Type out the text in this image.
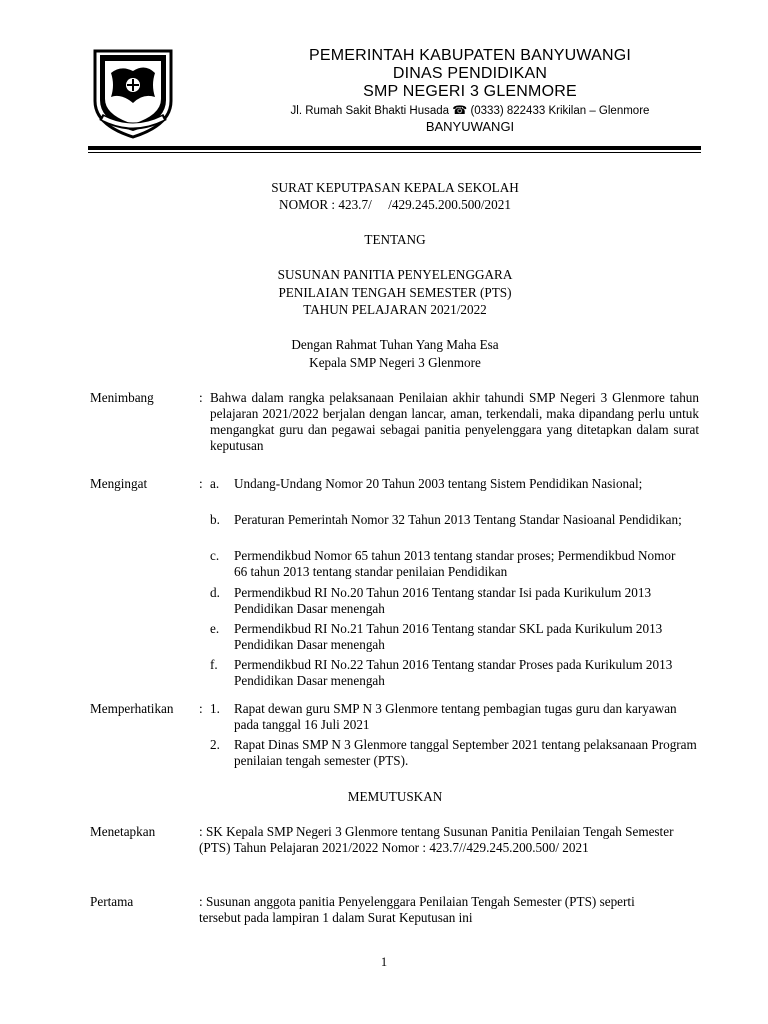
PEMERINTAH KABUPATEN BANYUWANGI
DINAS PENDIDIKAN
SMP NEGERI 3 GLENMORE
Jl. Rumah Sakit Bhakti Husada ☎ (0333) 822433 Krikilan – Glenmore
BANYUWANGI
SURAT KEPUTPASAN KEPALA SEKOLAH
NOMOR : 423.7/     /429.245.200.500/2021
TENTANG
SUSUNAN PANITIA PENYELENGGARA
PENILAIAN TENGAH SEMESTER (PTS)
TAHUN PELAJARAN 2021/2022
Dengan Rahmat Tuhan Yang Maha Esa
Kepala SMP Negeri 3 Glenmore
Menimbang	: Bahwa dalam rangka pelaksanaan Penilaian akhir tahundi SMP Negeri 3 Glenmore tahun pelajaran 2021/2022 berjalan dengan lancar, aman, terkendali, maka dipandang perlu untuk mengangkat guru dan pegawai sebagai panitia penyelenggara yang ditetapkan dalam surat keputusan
Mengingat	: a. Undang-Undang Nomor 20 Tahun 2003 tentang Sistem Pendidikan Nasional;
b. Peraturan Pemerintah Nomor 32 Tahun 2013 Tentang Standar Nasioanal Pendidikan;
c. Permendikbud Nomor 65 tahun 2013 tentang standar proses; Permendikbud Nomor 66 tahun 2013 tentang standar penilaian Pendidikan
d. Permendikbud RI No.20 Tahun 2016 Tentang standar Isi pada Kurikulum 2013 Pendidikan Dasar menengah
e. Permendikbud RI No.21 Tahun 2016 Tentang standar SKL pada Kurikulum 2013 Pendidikan Dasar menengah
f. Permendikbud RI No.22 Tahun 2016 Tentang standar Proses pada Kurikulum 2013 Pendidikan Dasar menengah
Memperhatikan : 1. Rapat dewan guru SMP N 3 Glenmore tentang pembagian tugas guru dan karyawan pada tanggal 16 Juli 2021
2. Rapat Dinas SMP N 3 Glenmore tanggal September 2021 tentang pelaksanaan Program penilaian tengah semester (PTS).
MEMUTUSKAN
Menetapkan	: SK Kepala SMP Negeri 3 Glenmore tentang Susunan Panitia Penilaian Tengah Semester (PTS) Tahun Pelajaran 2021/2022 Nomor : 423.7//429.245.200.500/ 2021
Pertama	: Susunan anggota panitia Penyelenggara Penilaian Tengah Semester (PTS) seperti tersebut pada lampiran 1 dalam Surat Keputusan ini
1
